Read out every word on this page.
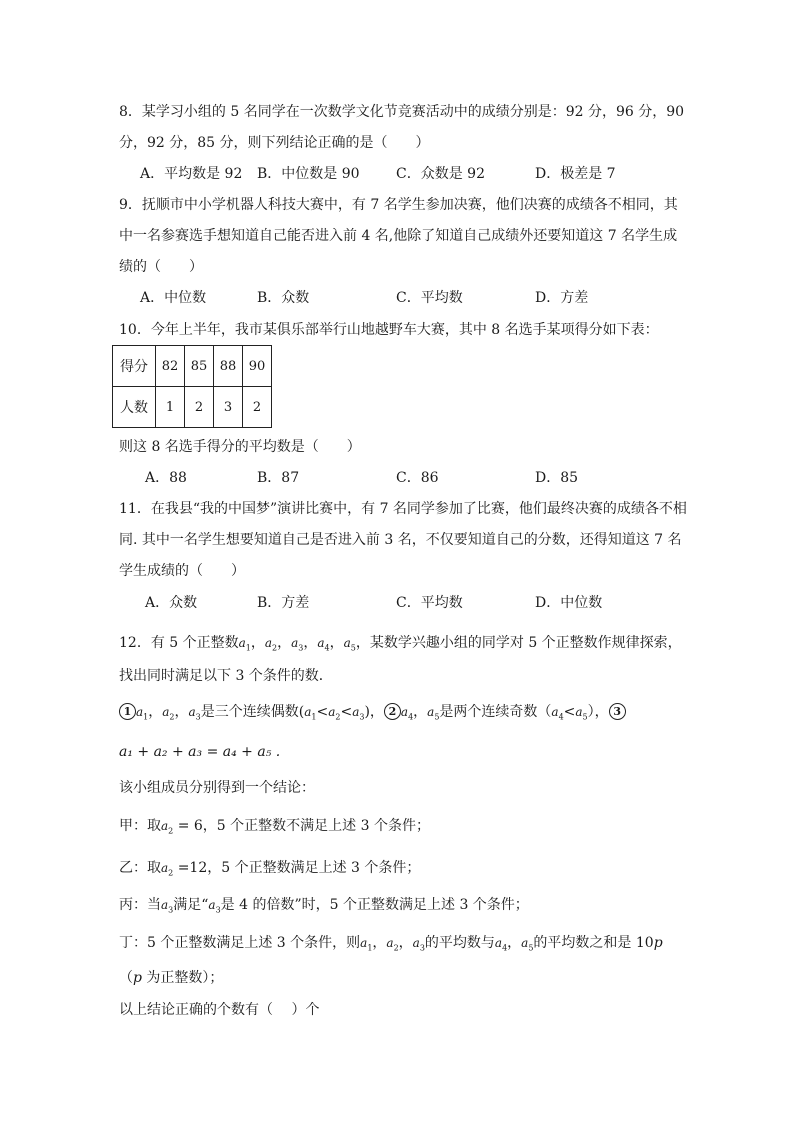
8．某学习小组的 5 名同学在一次数学文化节竞赛活动中的成绩分别是：92 分，96 分，90
分，92 分，85 分，则下列结论正确的是（　　）
A．平均数是 92 B．中位数是 90	C．众数是 92	D．极差是 7
9．抚顺市中小学机器人科技大赛中，有 7 名学生参加决赛，他们决赛的成绩各不相同，其
中一名参赛选手想知道自己能否进入前 4 名,他除了知道自己成绩外还要知道这 7 名学生成
绩的（　　）
A．中位数	B．众数	C．平均数	D．方差
10．今年上半年，我市某俱乐部举行山地越野车大赛，其中 8 名选手某项得分如下表：
得分	82	85	88	90
人数	1	2	3	2
则这 8 名选手得分的平均数是（　　）
A．88	B．87	C．86	D．85
11．在我县“我的中国梦”演讲比赛中，有 7 名同学参加了比赛，他们最终决赛的成绩各不相
同. 其中一名学生想要知道自己是否进入前 3 名，不仅要知道自己的分数，还得知道这 7 名
学生成绩的（　　）
A．众数	B．方差	C．平均数	D．中位数
12．有 5 个正整数$a_1$，$a_2$，$a_3$，$a_4$，$a_5$，某数学兴趣小组的同学对 5 个正整数作规律探索，
找出同时满足以下 3 个条件的数．
1 $a_1$，$a_2$，$a_3$是三个连续偶数$(a_1<a_2<a_3)$， 2 $a_4$，$a_5$是两个连续奇数$(a_4<a_5)$， 3
a₁ + a₂ + a₃ = a₄ + a₅ .
该小组成员分别得到一个结论：
甲：取$a_2 = 6$，5 个正整数不满足上述 3 个条件；
乙：取$a_2 =12$，5 个正整数满足上述 3 个条件；
丙：当$a_3$满足“$a_3$是 4 的倍数”时，5 个正整数满足上述 3 个条件；
丁：5 个正整数满足上述 3 个条件，则$a_1$，$a_2$，$a_3$的平均数与$a_4$，$a_5$的平均数之和是 10p
（p 为正整数）；
以上结论正确的个数有（　 ）个
